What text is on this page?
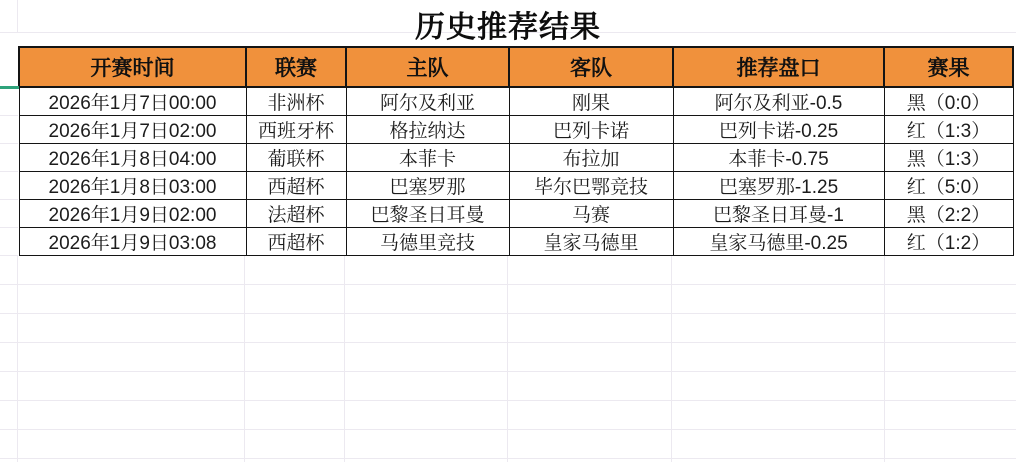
历史推荐结果
开赛时间	联赛	主队	客队	推荐盘口	赛果
2026年1月7日00:00	非洲杯	阿尔及利亚	刚果	阿尔及利亚-0.5	黑（0:0）
2026年1月7日02:00	西班牙杯	格拉纳达	巴列卡诺	巴列卡诺-0.25	红（1:3）
2026年1月8日04:00	葡联杯	本菲卡	布拉加	本菲卡-0.75	黑（1:3）
2026年1月8日03:00	西超杯	巴塞罗那	毕尔巴鄂竞技	巴塞罗那-1.25	红（5:0）
2026年1月9日02:00	法超杯	巴黎圣日耳曼	马赛	巴黎圣日耳曼-1	黑（2:2）
2026年1月9日03:08	西超杯	马德里竞技	皇家马德里	皇家马德里-0.25	红（1:2）
